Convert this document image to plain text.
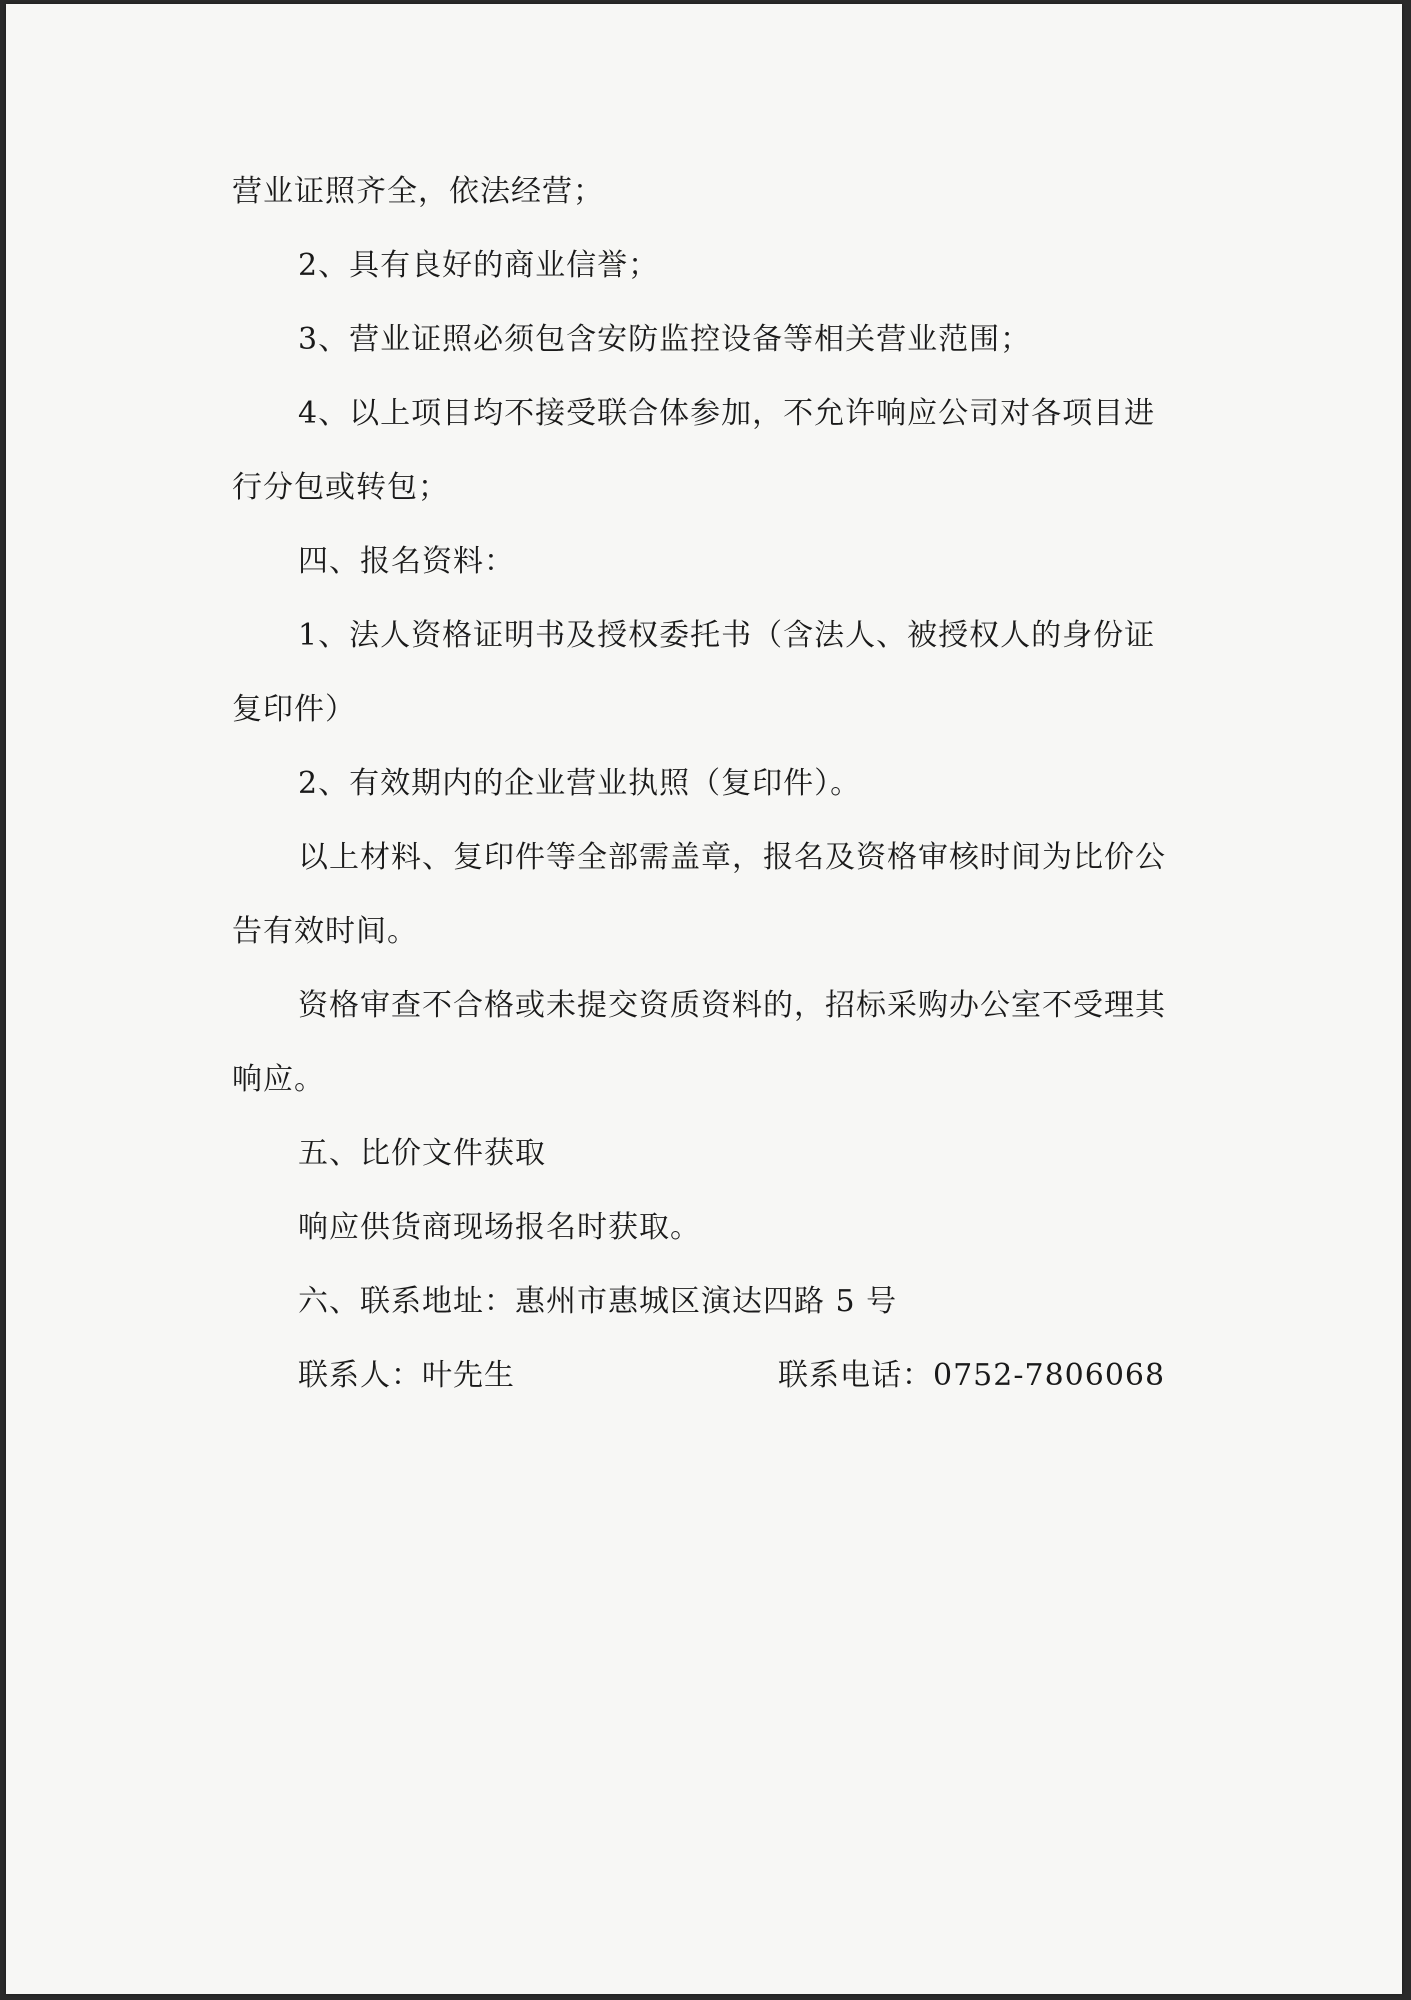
营业证照齐全，依法经营；
2、具有良好的商业信誉；
3、营业证照必须包含安防监控设备等相关营业范围；
4、以上项目均不接受联合体参加，不允许响应公司对各项目进
行分包或转包；
四、报名资料：
1、法人资格证明书及授权委托书（含法人、被授权人的身份证
复印件）
2、有效期内的企业营业执照（复印件）。
以上材料、复印件等全部需盖章，报名及资格审核时间为比价公
告有效时间。
资格审查不合格或未提交资质资料的，招标采购办公室不受理其
响应。
五、比价文件获取
响应供货商现场报名时获取。
六、联系地址：惠州市惠城区演达四路 5 号
联系人：叶先生	联系电话：0752-7806068
